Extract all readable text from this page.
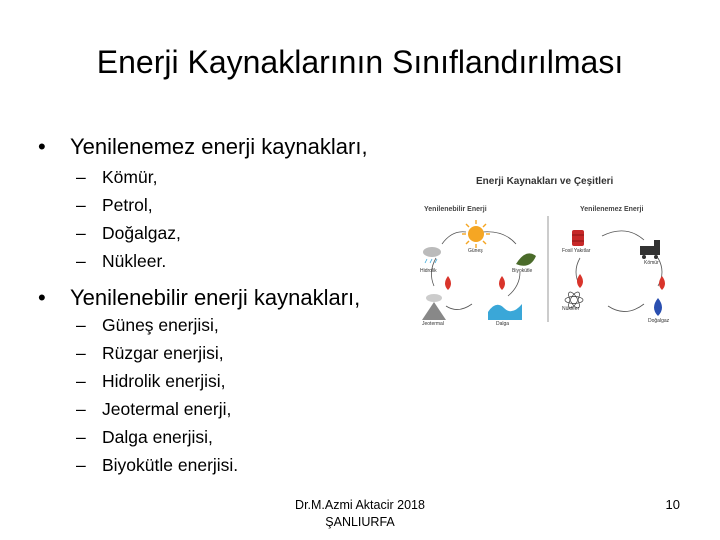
Enerji Kaynaklarının Sınıflandırılması
• Yenilenemez enerji kaynakları,
– Kömür,
– Petrol,
– Doğalgaz,
– Nükleer.
• Yenilenebilir enerji kaynakları,
– Güneş enerjisi,
– Rüzgar enerjisi,
– Hidrolik enerjisi,
– Jeotermal enerji,
– Dalga enerjisi,
– Biyokütle enerjisi.
Enerji Kaynakları ve Çeşitleri
Yenilenebilir Enerji	Yenilenemez Enerji
Güneş
Biyokütle
Hidrolik
Jeotermal	Dalga
Fosil Yakıtlar
Kömür
Nükleer
Doğalgaz
Dr.M.Azmi Aktacir 2018
ŞANLIURFA
10
